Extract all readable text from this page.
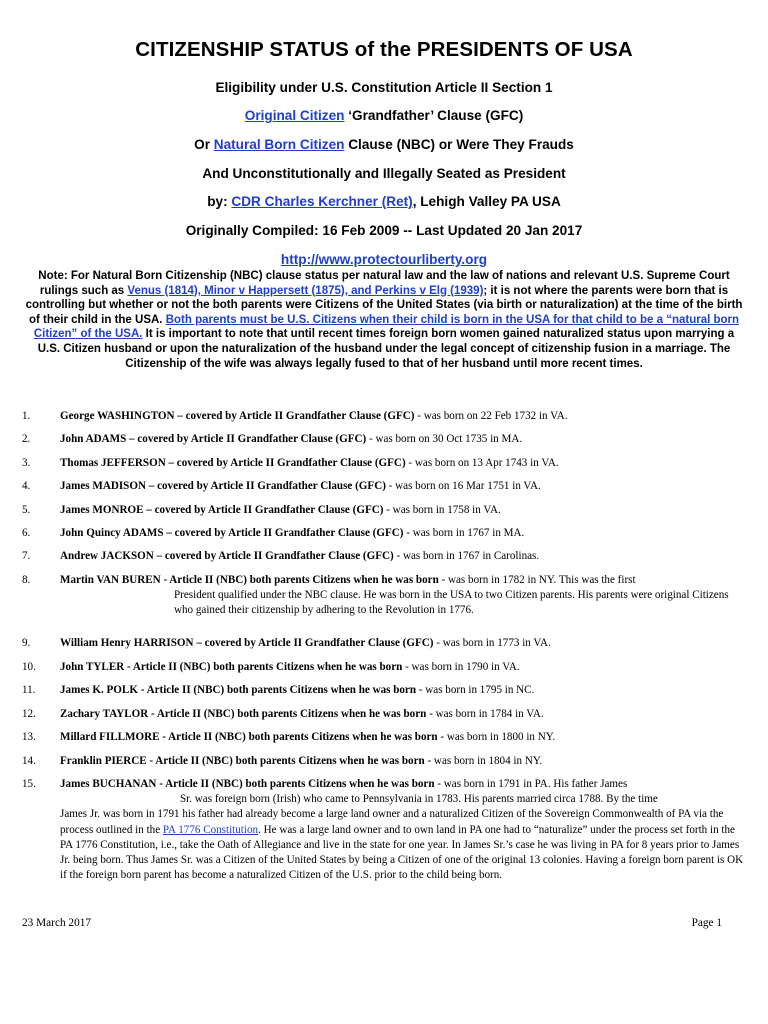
CITIZENSHIP STATUS of the PRESIDENTS OF USA
Eligibility under U.S. Constitution Article II Section 1
Original Citizen ‘Grandfather’ Clause (GFC)
Or Natural Born Citizen Clause (NBC) or Were They Frauds
And Unconstitutionally and Illegally Seated as President
by: CDR Charles Kerchner (Ret), Lehigh Valley PA USA
Originally Compiled: 16 Feb 2009 -- Last Updated 20 Jan 2017
http://www.protectourliberty.org
Note: For Natural Born Citizenship (NBC) clause status per natural law and the law of nations and relevant U.S. Supreme Court rulings such as Venus (1814), Minor v Happersett (1875), and Perkins v Elg (1939); it is not where the parents were born that is controlling but whether or not the both parents were Citizens of the United States (via birth or naturalization) at the time of the birth of their child in the USA. Both parents must be U.S. Citizens when their child is born in the USA for that child to be a “natural born Citizen” of the USA. It is important to note that until recent times foreign born women gained naturalized status upon marrying a U.S. Citizen husband or upon the naturalization of the husband under the legal concept of citizenship fusion in a marriage. The Citizenship of the wife was always legally fused to that of her husband until more recent times.
1.	George WASHINGTON – covered by Article II Grandfather Clause (GFC) - was born on 22 Feb 1732 in VA.
2.	John ADAMS – covered by Article II Grandfather Clause (GFC) - was born on 30 Oct 1735 in MA.
3.	Thomas JEFFERSON – covered by Article II Grandfather Clause (GFC) - was born on 13 Apr 1743 in VA.
4.	James MADISON – covered by Article II Grandfather Clause (GFC) - was born on 16 Mar 1751 in VA.
5.	James MONROE – covered by Article II Grandfather Clause (GFC) - was born in 1758 in VA.
6.	John Quincy ADAMS – covered by Article II Grandfather Clause (GFC) - was born in 1767 in MA.
7.	Andrew JACKSON – covered by Article II Grandfather Clause (GFC) - was born in 1767 in Carolinas.
8.	Martin VAN BUREN - Article II (NBC) both parents Citizens when he was born - was born in 1782 in NY. This was the first
President qualified under the NBC clause. He was born in the USA to two Citizen parents. His parents were original Citizens who gained their citizenship by adhering to the Revolution in 1776.
9.	William Henry HARRISON – covered by Article II Grandfather Clause (GFC) - was born in 1773 in VA.
10.	John TYLER - Article II (NBC) both parents Citizens when he was born - was born in 1790 in VA.
11.	James K. POLK - Article II (NBC) both parents Citizens when he was born - was born in 1795 in NC.
12.	Zachary TAYLOR - Article II (NBC) both parents Citizens when he was born - was born in 1784 in VA.
13.	Millard FILLMORE - Article II (NBC) both parents Citizens when he was born - was born in 1800 in NY.
14.	Franklin PIERCE - Article II (NBC) both parents Citizens when he was born - was born in 1804 in NY.
15.	James BUCHANAN - Article II (NBC) both parents Citizens when he was born - was born in 1791 in PA. His father James
Sr. was foreign born (Irish) who came to Pennsylvania in 1783. His parents married circa 1788. By the time
James Jr. was born in 1791 his father had already become a large land owner and a naturalized Citizen of the Sovereign Commonwealth of PA via the process outlined in the PA 1776 Constitution. He was a large land owner and to own land in PA one had to “naturalize” under the process set forth in the PA 1776 Constitution, i.e., take the Oath of Allegiance and live in the state for one year. In James Sr.’s case he was living in PA for 8 years prior to James Jr. being born. Thus James Sr. was a Citizen of the United States by being a Citizen of one of the original 13 colonies. Having a foreign born parent is OK if the foreign born parent has become a naturalized Citizen of the U.S. prior to the child being born.
23 March 2017	Page 1
